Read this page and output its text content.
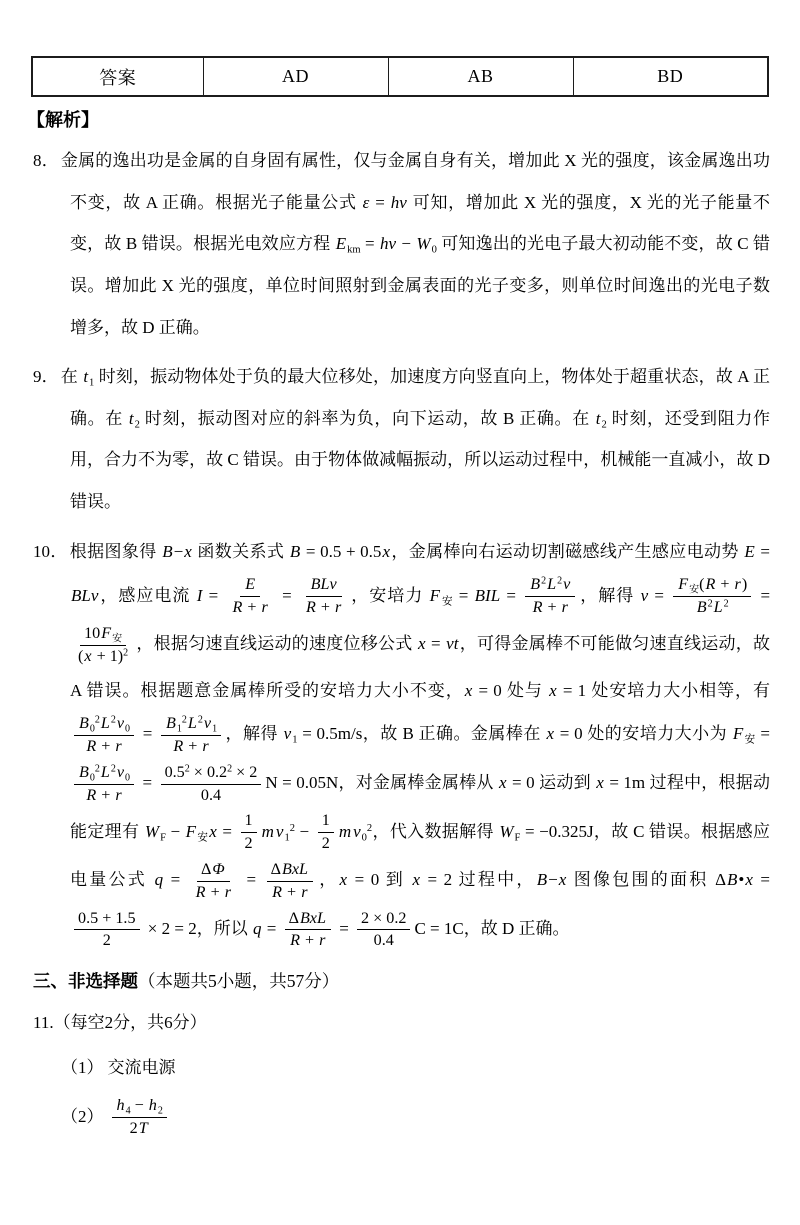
答案	AD	AB	BD
【解析】
8． 金属的逸出功是金属的自身固有属性，仅与金属自身有关，增加此 X 光的强度，该金属逸出功不变，故 A 正确。根据光子能量公式 ε = hv 可知，增加此 X 光的强度，X 光的光子能量不变，故 B 错误。根据光电效应方程 $E_{km}$ = hv − $W_0$ 可知逸出的光电子最大初动能不变，故 C 错误。增加此 X 光的强度，单位时间照射到金属表面的光子变多，则单位时间逸出的光电子数增多，故 D 正确。
9． 在 $t_1$ 时刻，振动物体处于负的最大位移处，加速度方向竖直向上，物体处于超重状态，故 A 正确。在 $t_2$ 时刻，振动图对应的斜率为负，向下运动，故 B 正确。在 $t_2$ 时刻，还受到阻力作用，合力不为零，故 C 错误。由于物体做减幅振动，所以运动过程中，机械能一直减小，故 D 错误。
10． 根据图象得 B−x 函数关系式 B = 0.5 + 0.5x，金属棒向右运动切割磁感线产生感应电动势 E = BLv，感应电流 $I = \frac{E}{R + r} = \frac{\text{BLv}}{R + r}$ ，安培力 $F_安$ = BIL = $\frac{B^2L^2v}{R + r}$ ，解得 $v = \frac{F_安(R + r)}{B^2L^2}$ =
$\frac{10F_安}{(x + 1)^2}$ ，根据匀速直线运动的速度位移公式 x = vt，可得金属棒不可能做匀速直线运动，故 A 错误。根据题意金属棒所受的安培力大小不变，x = 0 处与 x = 1 处安培力大小相等，有
$\frac{B_0^2L^2v_0}{R + r} = \frac{B_1^2L^2v_1}{R + r}$ ，解得 $v_1 = 0.5m/s$，故 B 正确。金属棒在 x = 0 处的安培力大小为 $F_安$ =
$\frac{B_0^2L^2v_0}{R + r} = \frac{0.5^2 \times 0.2^2 \times 2}{0.4}$ N = 0.05N，对金属棒金属棒从 x = 0 运动到 x = 1m 过程中，根据动能定理有 $W_F - F_安x = \frac{1}{2}$ m $v_1^2 - \frac{1}{2}$ m $v_0^2$，代入数据解得 $W_F = -0.325J$，故 C 错误。根据感应电量公式 $q = \frac{\Delta\Phi}{R + r} = \frac{\text{ΔBxL}}{R + r}$ ，x = 0 到 x = 2 过程中，B−x 图像包围的面积 ΔB•x =
$\frac{0.5 + 1.5}{2} \times 2 = 2$，所以 $q = \frac{\text{ΔBxL}}{R + r} = \frac{2 \times 0.2}{0.4}$ C = 1C，故 D 正确。
三、非选择题（本题共5小题，共57分）
11.（每空2分，共6分）
（1） 交流电源
$(2) \frac{h_4 - h_2}{2T}$
